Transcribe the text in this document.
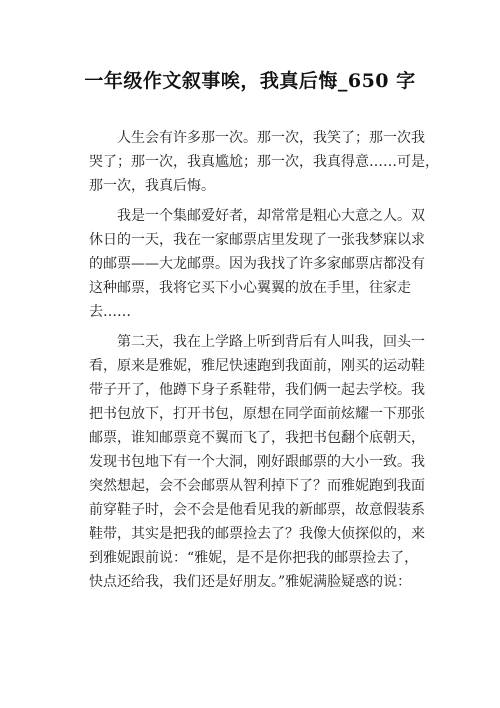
一年级作文叙事唉，我真后悔_650 字
人生会有许多那一次。那一次，我笑了；那一次我
哭了；那一次，我真尴尬；那一次，我真得意……可是，
那一次，我真后悔。
我是一个集邮爱好者，却常常是粗心大意之人。双
休日的一天，我在一家邮票店里发现了一张我梦寐以求
的邮票——大龙邮票。因为我找了许多家邮票店都没有
这种邮票，我将它买下小心翼翼的放在手里，往家走
去……
第二天，我在上学路上听到背后有人叫我，回头一
看，原来是雅妮，雅尼快速跑到我面前，刚买的运动鞋
带子开了，他蹲下身子系鞋带，我们俩一起去学校。我
把书包放下，打开书包，原想在同学面前炫耀一下那张
邮票，谁知邮票竟不翼而飞了，我把书包翻个底朝天，
发现书包地下有一个大洞，刚好跟邮票的大小一致。我
突然想起，会不会邮票从智利掉下了？而雅妮跑到我面
前穿鞋子时，会不会是他看见我的新邮票，故意假装系
鞋带，其实是把我的邮票捡去了？我像大侦探似的，来
到雅妮跟前说：“雅妮，是不是你把我的邮票捡去了，
快点还给我，我们还是好朋友。”雅妮满脸疑惑的说：
